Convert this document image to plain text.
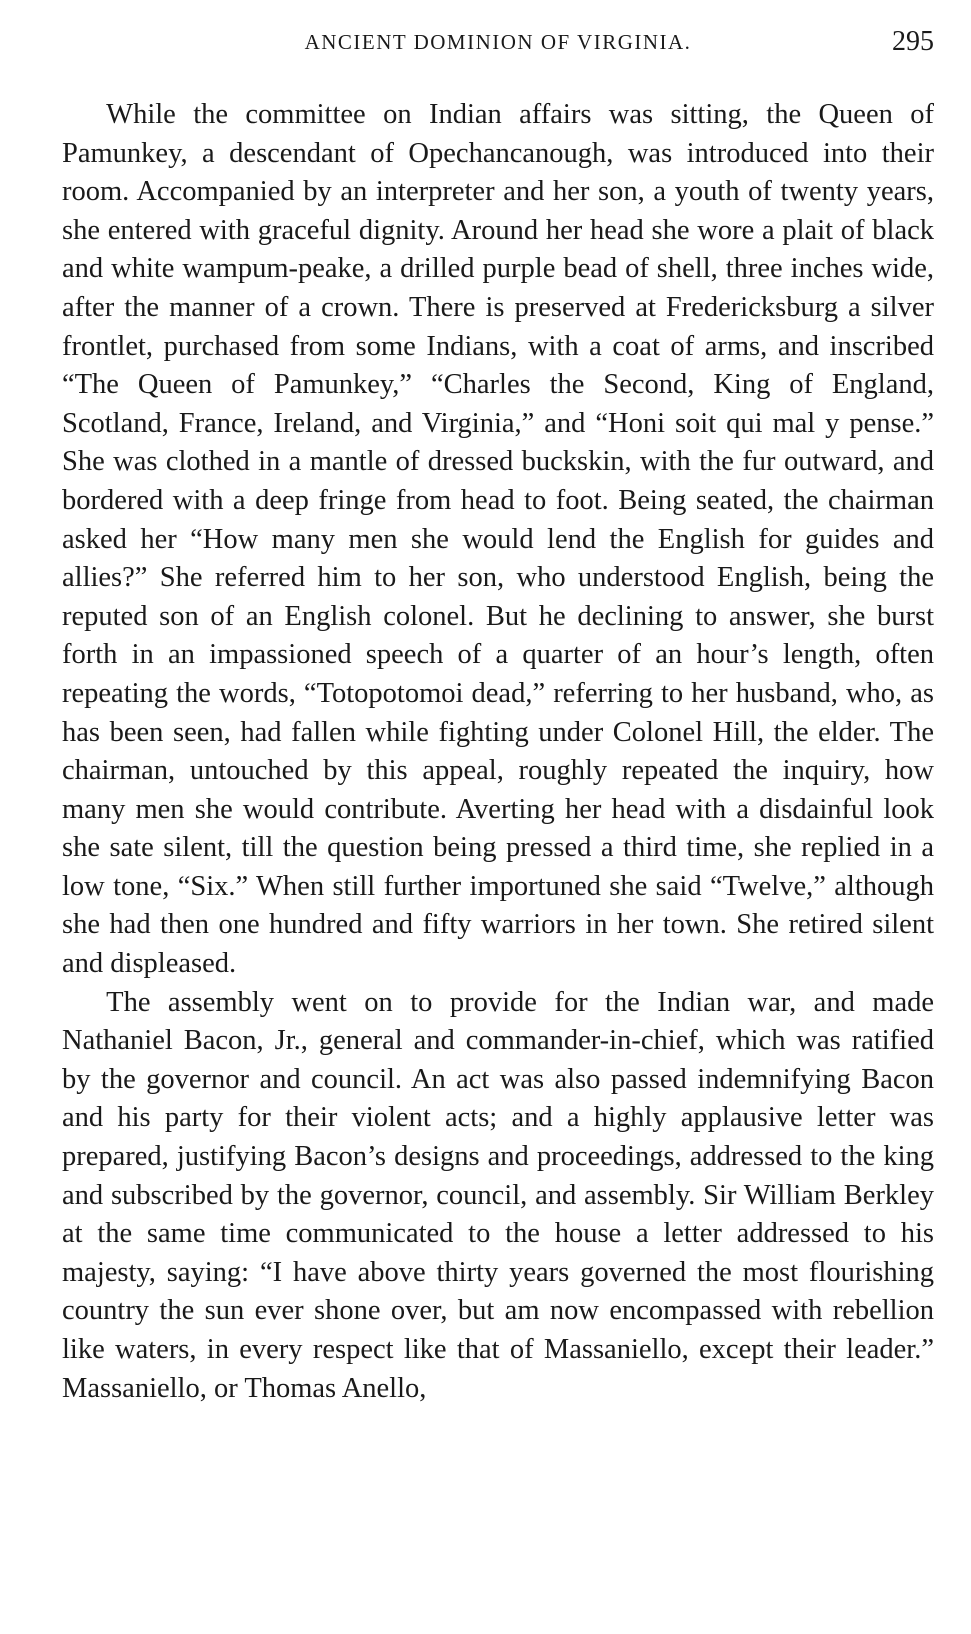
ANCIENT DOMINION OF VIRGINIA.	295

While the committee on Indian affairs was sitting, the Queen of Pamunkey, a descendant of Opechancanough, was introduced into their room. Accompanied by an interpreter and her son, a youth of twenty years, she entered with graceful dignity. Around her head she wore a plait of black and white wampum-peake, a drilled purple bead of shell, three inches wide, after the manner of a crown. There is preserved at Fredericksburg a silver frontlet, purchased from some Indians, with a coat of arms, and inscribed “The Queen of Pamunkey,” “Charles the Second, King of England, Scotland, France, Ireland, and Virginia,” and “Honi soit qui mal y pense.” She was clothed in a mantle of dressed buckskin, with the fur outward, and bordered with a deep fringe from head to foot. Being seated, the chairman asked her “How many men she would lend the English for guides and allies?” She referred him to her son, who understood English, being the reputed son of an English colonel. But he declining to answer, she burst forth in an impassioned speech of a quarter of an hour’s length, often repeating the words, “Totopotomoi dead,” referring to her husband, who, as has been seen, had fallen while fighting under Colonel Hill, the elder. The chairman, untouched by this appeal, roughly repeated the inquiry, how many men she would contribute. Averting her head with a disdainful look she sate silent, till the question being pressed a third time, she replied in a low tone, “Six.” When still further importuned she said “Twelve,” although she had then one hundred and fifty warriors in her town. She retired silent and displeased.

The assembly went on to provide for the Indian war, and made Nathaniel Bacon, Jr., general and commander-in-chief, which was ratified by the governor and council. An act was also passed indemnifying Bacon and his party for their violent acts; and a highly applausive letter was prepared, justifying Bacon’s designs and proceedings, addressed to the king and subscribed by the governor, council, and assembly. Sir William Berkley at the same time communicated to the house a letter addressed to his majesty, saying: “I have above thirty years governed the most flourishing country the sun ever shone over, but am now encompassed with rebellion like waters, in every respect like that of Massaniello, except their leader.” Massaniello, or Thomas Anello,
